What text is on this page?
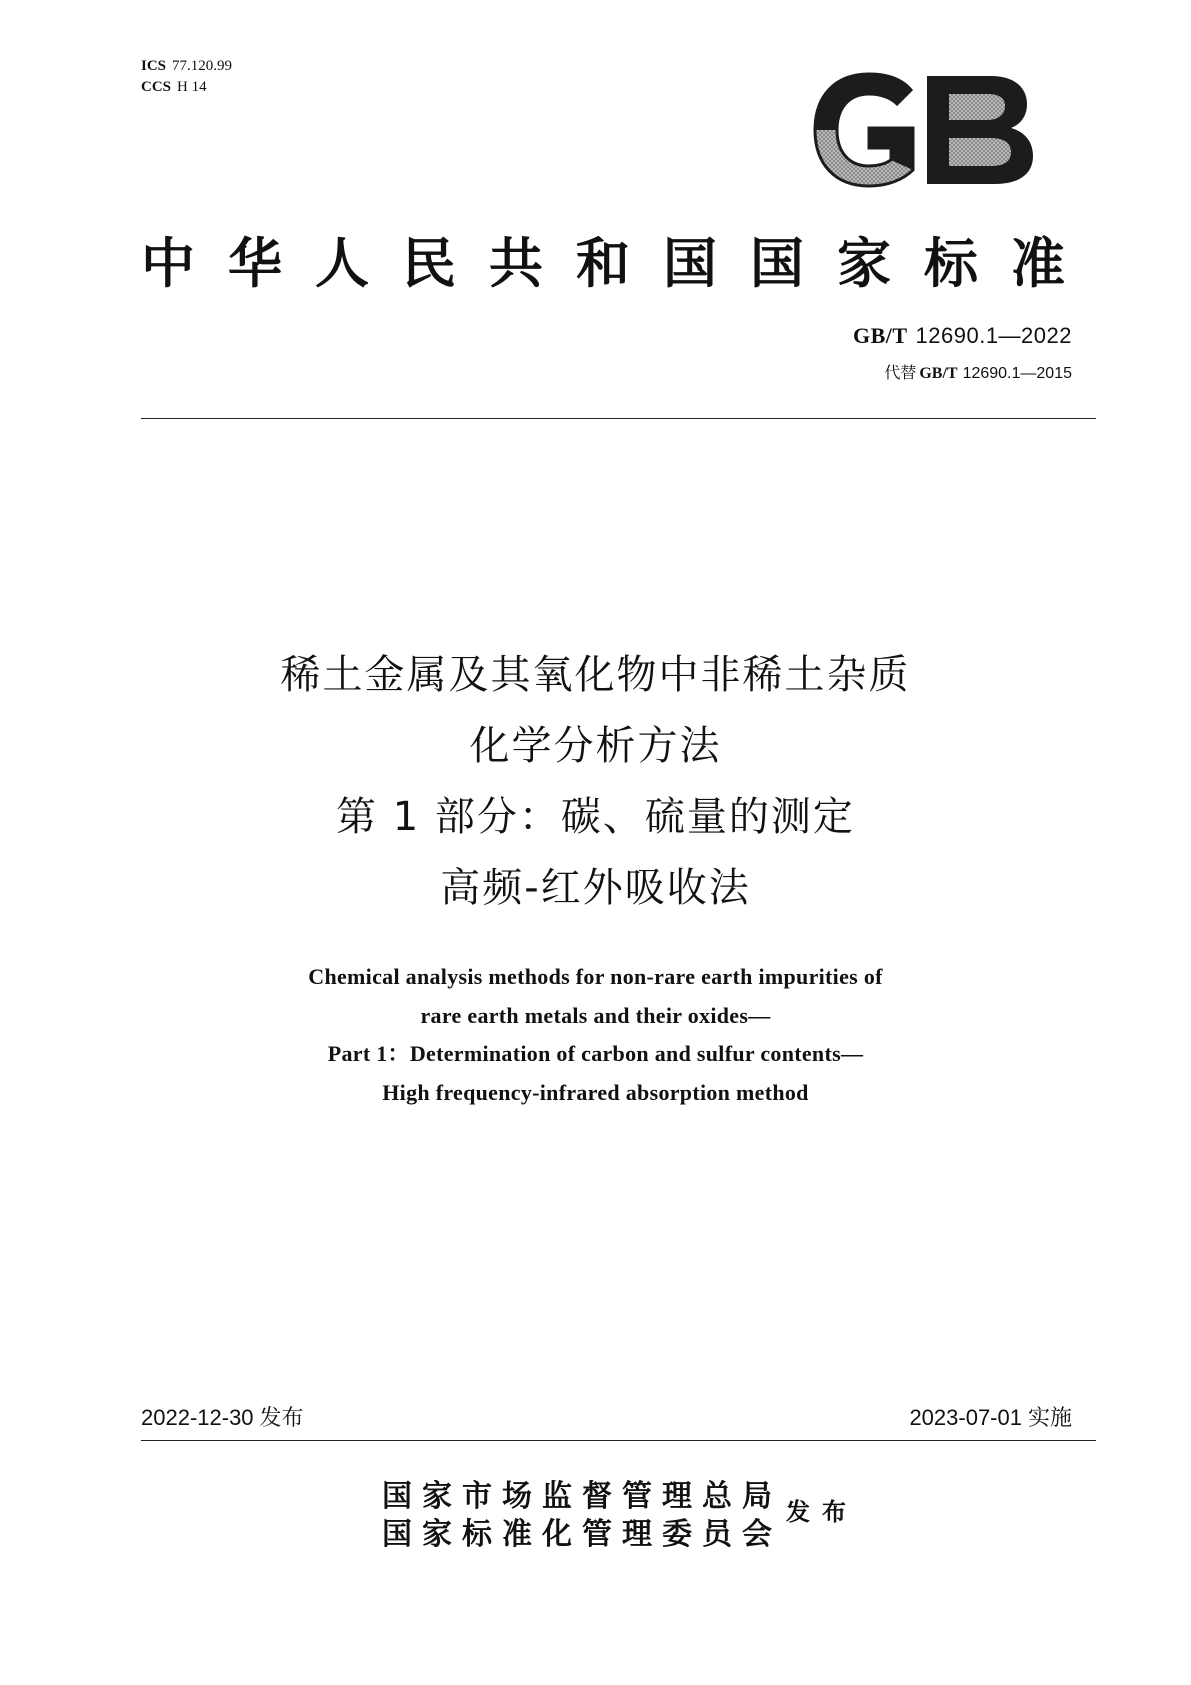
ICS 77.120.99
CCS H 14
中 华 人 民 共 和 国 国 家 标 准
GB/T 12690.1—2022
代替 GB/T 12690.1—2015
稀土金属及其氧化物中非稀土杂质
化学分析方法
第 1 部分：碳、硫量的测定
高频-红外吸收法
Chemical analysis methods for non-rare earth impurities of
rare earth metals and their oxides—
Part 1：Determination of carbon and sulfur contents—
High frequency-infrared absorption method
2022-12-30 发布	2023-07-01 实施
国家市场监督管理总局
国家标准化管理委员会
发布
